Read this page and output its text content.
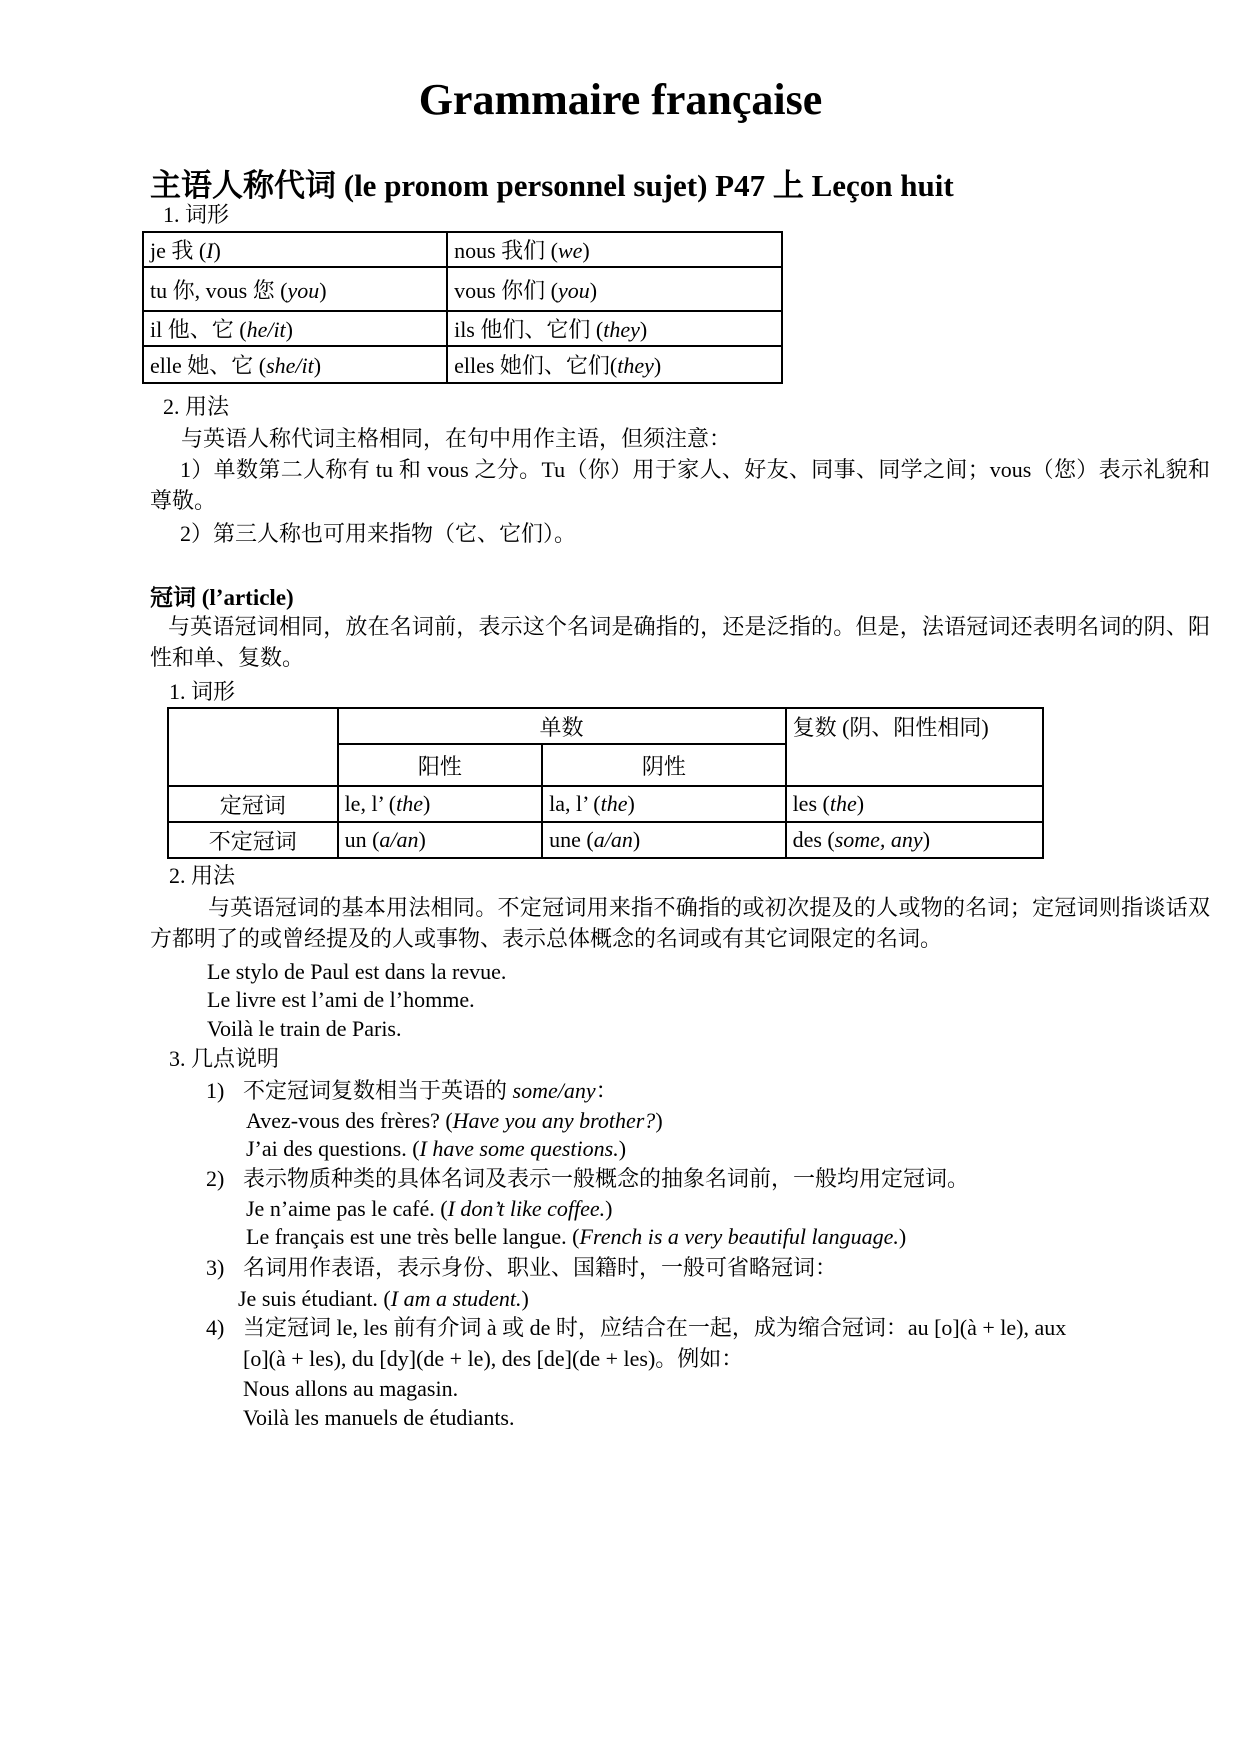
Grammaire française
主语人称代词 (le pronom personnel sujet) P47 上 Leçon huit
1. 词形
je 我 (I)	nous 我们 (we)
tu 你, vous 您 (you)	vous 你们 (you)
il 他、它 (he/it)	ils 他们、它们 (they)
elle 她、它 (she/it)	elles 她们、它们(they)
2. 用法
与英语人称代词主格相同，在句中用作主语，但须注意：
1）单数第二人称有 tu 和 vous 之分。Tu（你）用于家人、好友、同事、同学之间；vous（您）表示礼貌和尊敬。
2）第三人称也可用来指物（它、它们）。
冠词 (l’article)
与英语冠词相同，放在名词前，表示这个名词是确指的，还是泛指的。但是，法语冠词还表明名词的阴、阳性和单、复数。
1. 词形
	单数		复数 (阴、阳性相同)
	阳性	阴性	
定冠词	le, l’ (the)	la, l’ (the)	les (the)
不定冠词	un (a/an)	une (a/an)	des (some, any)
2. 用法
与英语冠词的基本用法相同。不定冠词用来指不确指的或初次提及的人或物的名词；定冠词则指谈话双方都明了的或曾经提及的人或事物、表示总体概念的名词或有其它词限定的名词。
Le stylo de Paul est dans la revue.
Le livre est l’ami de l’homme.
Voilà le train de Paris.
3. 几点说明
1) 不定冠词复数相当于英语的 some/any：
Avez-vous des frères? (Have you any brother?)
J’ai des questions. (I have some questions.)
2) 表示物质种类的具体名词及表示一般概念的抽象名词前，一般均用定冠词。
Je n’aime pas le café. (I don’t like coffee.)
Le français est une très belle langue. (French is a very beautiful language.)
3) 名词用作表语，表示身份、职业、国籍时，一般可省略冠词：
Je suis étudiant. (I am a student.)
4) 当定冠词 le, les 前有介词 à 或 de 时，应结合在一起，成为缩合冠词：au [o](à + le), aux
[o](à + les), du [dy](de + le), des [de](de + les)。例如：
Nous allons au magasin.
Voilà les manuels de étudiants.
